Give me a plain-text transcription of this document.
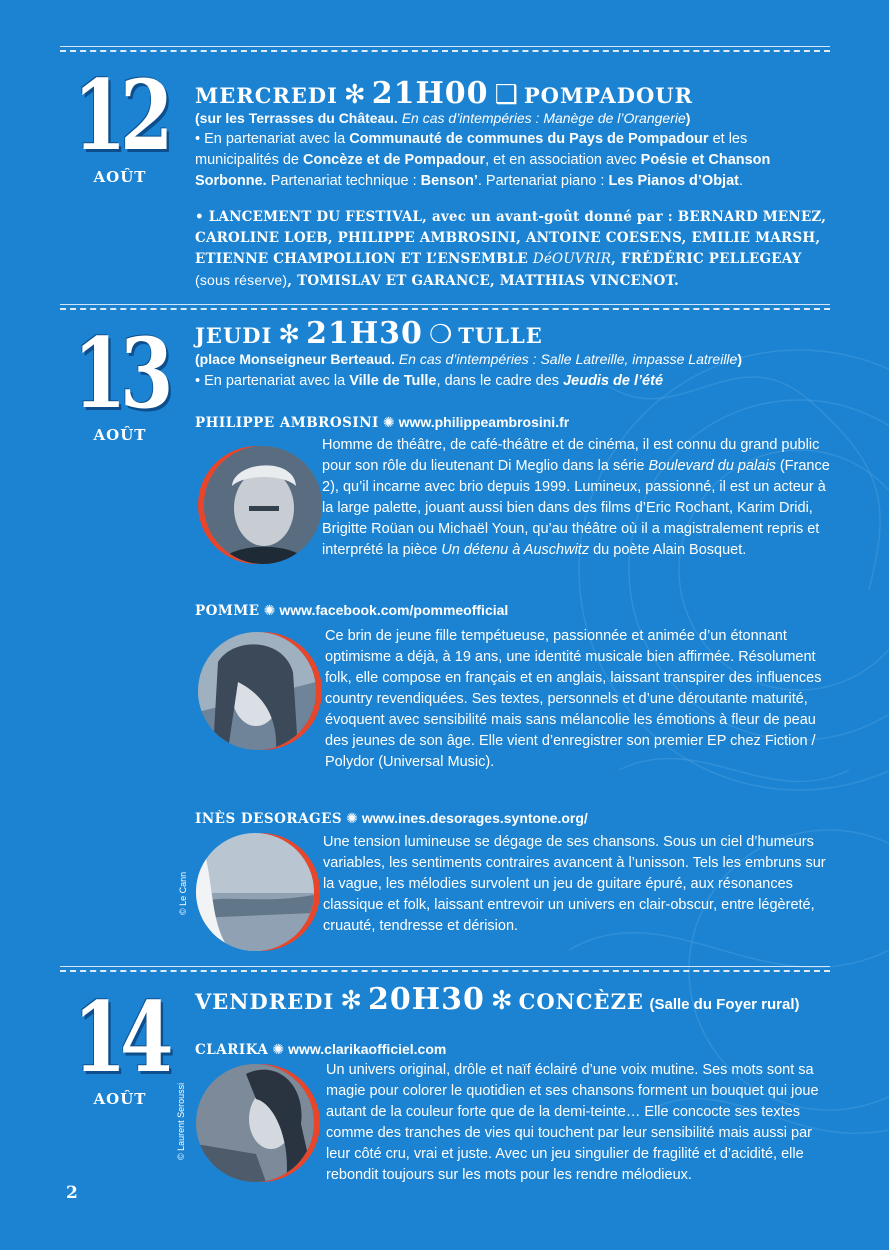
12
AOÛT
MERCREDI ✻ 21H00 ❑ POMPADOUR
(sur les Terrasses du Château. En cas d’intempéries : Manège de l’Orangerie)
• En partenariat avec la Communauté de communes du Pays de Pompadour et les municipalités de Concèze et de Pompadour, et en association avec Poésie et Chanson Sorbonne. Partenariat technique : Benson’. Partenariat piano : Les Pianos d’Objat.
• LANCEMENT DU FESTIVAL, avec un avant-goût donné par : BERNARD MENEZ, CAROLINE LOEB, PHILIPPE AMBROSINI, ANTOINE COESENS, EMILIE MARSH, ETIENNE CHAMPOLLION ET L’ENSEMBLE DéOUVRIR, FRÉDÉRIC PELLEGEAY (sous réserve), TOMISLAV ET GARANCE, MATTHIAS VINCENOT.
13
AOÛT
JEUDI ✻ 21H30 ❍ TULLE
(place Monseigneur Berteaud. En cas d’intempéries : Salle Latreille, impasse Latreille)
• En partenariat avec la Ville de Tulle, dans le cadre des Jeudis de l’été
PHILIPPE AMBROSINI ✺ www.philippeambrosini.fr
Homme de théâtre, de café-théâtre et de cinéma, il est connu du grand public pour son rôle du lieutenant Di Meglio dans la série Boulevard du palais (France 2), qu’il incarne avec brio depuis 1999. Lumineux, passionné, il est un acteur à la large palette, jouant aussi bien dans des films d’Eric Rochant, Karim Dridi, Brigitte Roüan ou Michaël Youn, qu’au théâtre où il a magistralement repris et interprété la pièce Un détenu à Auschwitz du poète Alain Bosquet.
POMME ✺ www.facebook.com/pommeofficial
Ce brin de jeune fille tempétueuse, passionnée et animée d’un étonnant optimisme a déjà, à 19 ans, une identité musicale bien affirmée. Résolument folk, elle compose en français et en anglais, laissant transpirer des influences country revendiquées. Ses textes, personnels et d’une déroutante maturité, évoquent avec sensibilité mais sans mélancolie les émotions à fleur de peau des jeunes de son âge. Elle vient d’enregistrer son premier EP chez Fiction / Polydor (Universal Music).
INÈS DESORAGES ✺ www.ines.desorages.syntone.org/
© Le Cann
Une tension lumineuse se dégage de ses chansons. Sous un ciel d’humeurs variables, les sentiments contraires avancent à l’unisson. Tels les embruns sur la vague, les mélodies survolent un jeu de guitare épuré, aux résonances classique et folk, laissant entrevoir un univers en clair-obscur, entre légèreté, cruauté, tendresse et dérision.
14
AOÛT
VENDREDI ✻ 20H30 ✻ CONCÈZE (Salle du Foyer rural)
CLARIKA ✺ www.clarikaofficiel.com
© Laurent Seroussi
Un univers original, drôle et naïf éclairé d’une voix mutine. Ses mots sont sa magie pour colorer le quotidien et ses chansons forment un bouquet qui joue autant de la couleur forte que de la demi-teinte… Elle concocte ses textes comme des tranches de vies qui touchent par leur sensibilité mais aussi par leur côté cru, vrai et juste. Avec un jeu singulier de fragilité et d’acidité, elle rebondit toujours sur les mots pour les rendre mélodieux.
2
